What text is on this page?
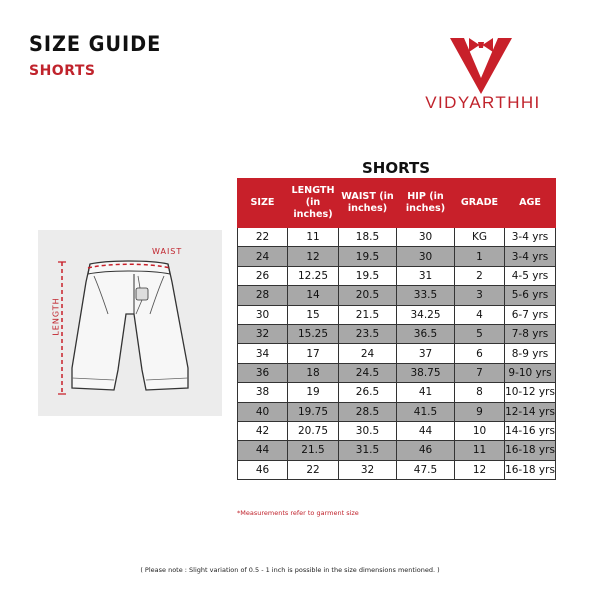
SIZE GUIDE
SHORTS
VIDYARTHHI
WAIST
LENGTH
SHORTS
SIZE	LENGTH (in inches)	WAIST (in inches)	HIP (in inches)	GRADE	AGE
22	11	18.5	30	KG	3-4 yrs
24	12	19.5	30	1	3-4 yrs
26	12.25	19.5	31	2	4-5 yrs
28	14	20.5	33.5	3	5-6 yrs
30	15	21.5	34.25	4	6-7 yrs
32	15.25	23.5	36.5	5	7-8 yrs
34	17	24	37	6	8-9 yrs
36	18	24.5	38.75	7	9-10 yrs
38	19	26.5	41	8	10-12 yrs
40	19.75	28.5	41.5	9	12-14 yrs
42	20.75	30.5	44	10	14-16 yrs
44	21.5	31.5	46	11	16-18 yrs
46	22	32	47.5	12	16-18 yrs
*Measurements refer to garment size
( Please note : Slight variation of 0.5 - 1 inch is possible in the size dimensions mentioned. )
